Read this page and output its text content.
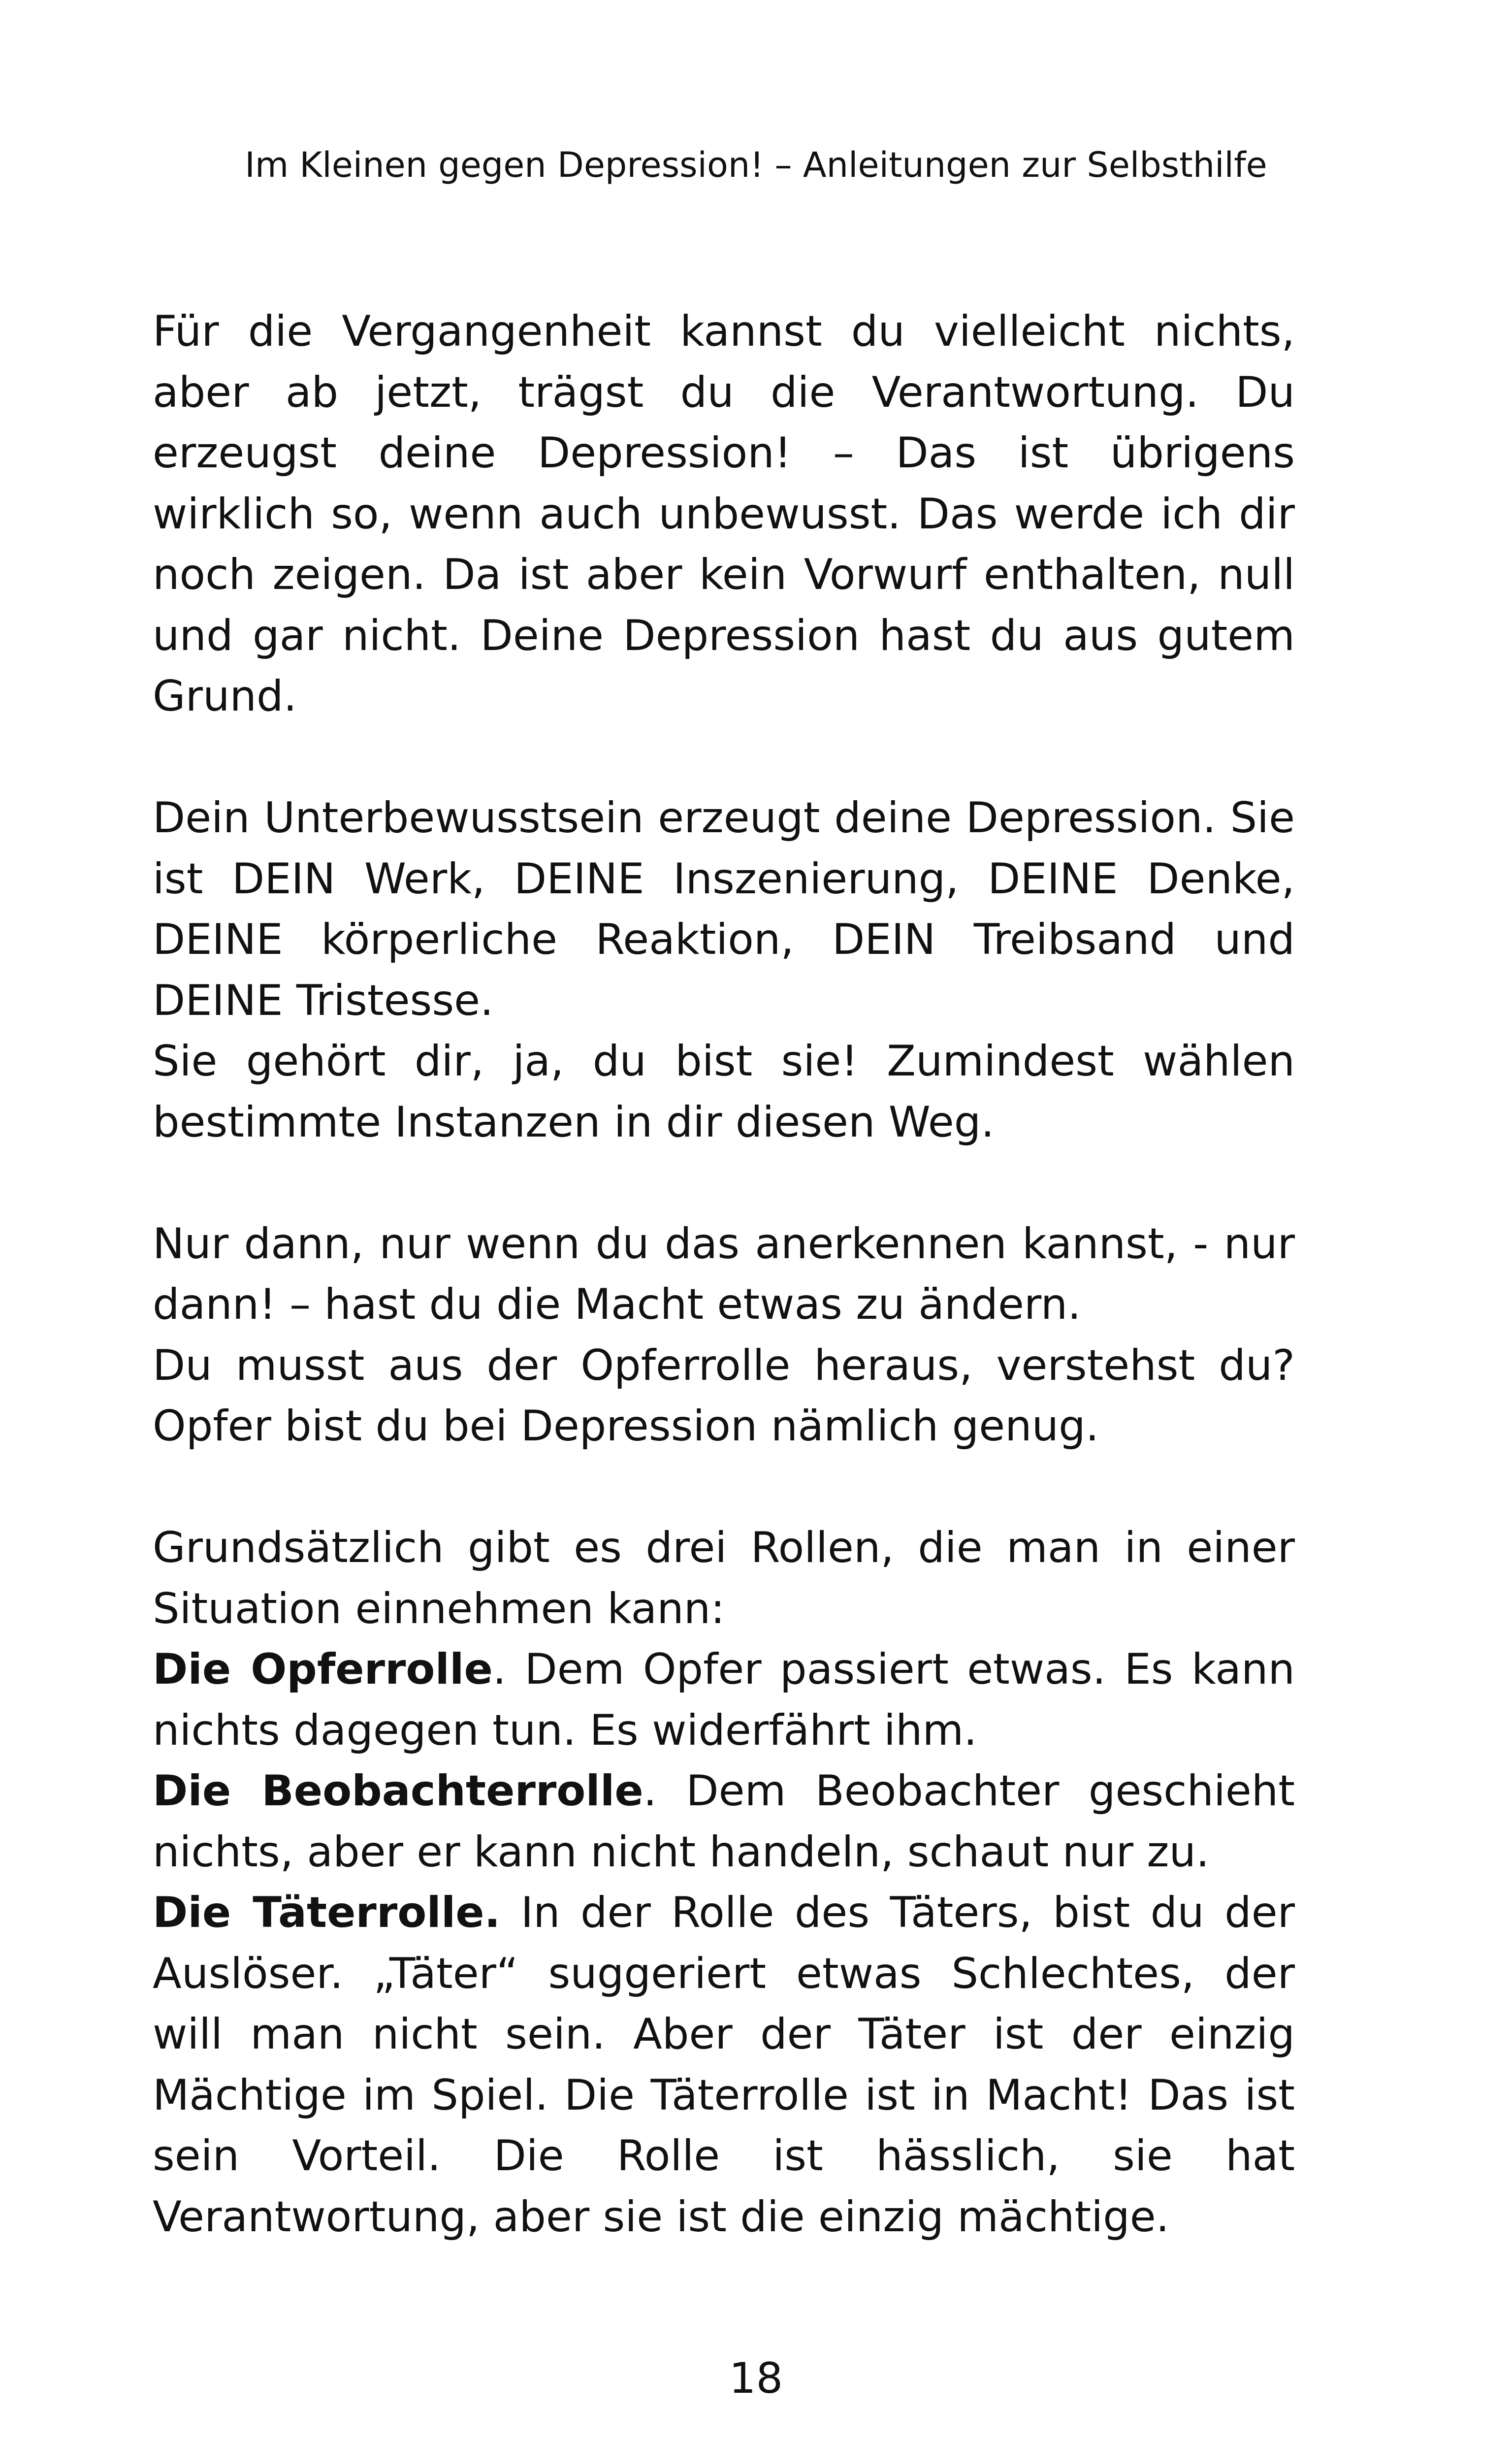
Im Kleinen gegen Depression! – Anleitungen zur Selbsthilfe

Für die Vergangenheit kannst du vielleicht nichts, aber ab jetzt, trägst du die Verantwortung. Du erzeugst deine Depression! – Das ist übrigens wirklich so, wenn auch unbewusst. Das werde ich dir noch zeigen. Da ist aber kein Vorwurf enthalten, null und gar nicht. Deine Depression hast du aus gutem Grund.

Dein Unterbewusstsein erzeugt deine Depression. Sie ist DEIN Werk, DEINE Inszenierung, DEINE Denke, DEINE körperliche Reaktion, DEIN Treibsand und DEINE Tristesse.

Sie gehört dir, ja, du bist sie! Zumindest wählen bestimmte Instanzen in dir diesen Weg.

Nur dann, nur wenn du das anerkennen kannst, - nur dann! – hast du die Macht etwas zu ändern.

Du musst aus der Opferrolle heraus, verstehst du? Opfer bist du bei Depression nämlich genug.

Grundsätzlich gibt es drei Rollen, die man in einer Situation einnehmen kann:

Die Opferrolle. Dem Opfer passiert etwas. Es kann nichts dagegen tun. Es widerfährt ihm.

Die Beobachterrolle. Dem Beobachter geschieht nichts, aber er kann nicht handeln, schaut nur zu.

Die Täterrolle. In der Rolle des Täters, bist du der Auslöser. „Täter“ suggeriert etwas Schlechtes, der will man nicht sein. Aber der Täter ist der einzig Mächtige im Spiel. Die Täterrolle ist in Macht! Das ist sein Vorteil. Die Rolle ist hässlich, sie hat Verantwortung, aber sie ist die einzig mächtige.

18
